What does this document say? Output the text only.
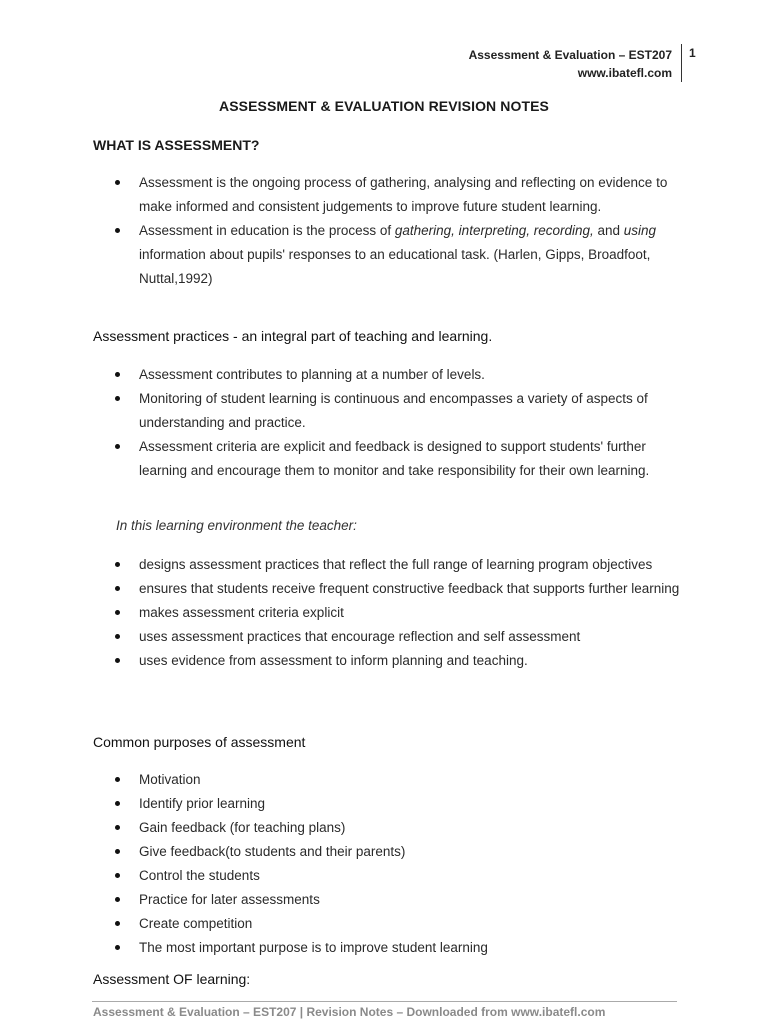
Assessment & Evaluation – EST207
www.ibatefl.com
1
ASSESSMENT & EVALUATION REVISION NOTES
WHAT IS ASSESSMENT?
Assessment is the ongoing process of gathering, analysing and reflecting on evidence to make informed and consistent judgements to improve future student learning.
Assessment in education is the process of gathering, interpreting, recording, and using information about pupils' responses to an educational task. (Harlen, Gipps, Broadfoot, Nuttal,1992)
Assessment practices - an integral part of teaching and learning.
Assessment contributes to planning at a number of levels.
Monitoring of student learning is continuous and encompasses a variety of aspects of understanding and practice.
Assessment criteria are explicit and feedback is designed to support students' further learning and encourage them to monitor and take responsibility for their own learning.
In this learning environment the teacher:
designs assessment practices that reflect the full range of learning program objectives
ensures that students receive frequent constructive feedback that supports further learning
makes assessment criteria explicit
uses assessment practices that encourage reflection and self assessment
uses evidence from assessment to inform planning and teaching.
Common purposes of assessment
Motivation
Identify prior learning
Gain feedback (for teaching plans)
Give feedback(to students and their parents)
Control the students
Practice for later assessments
Create competition
The most important purpose is to improve student learning
Assessment OF learning:
Assessment & Evaluation – EST207 | Revision Notes – Downloaded from www.ibatefl.com
